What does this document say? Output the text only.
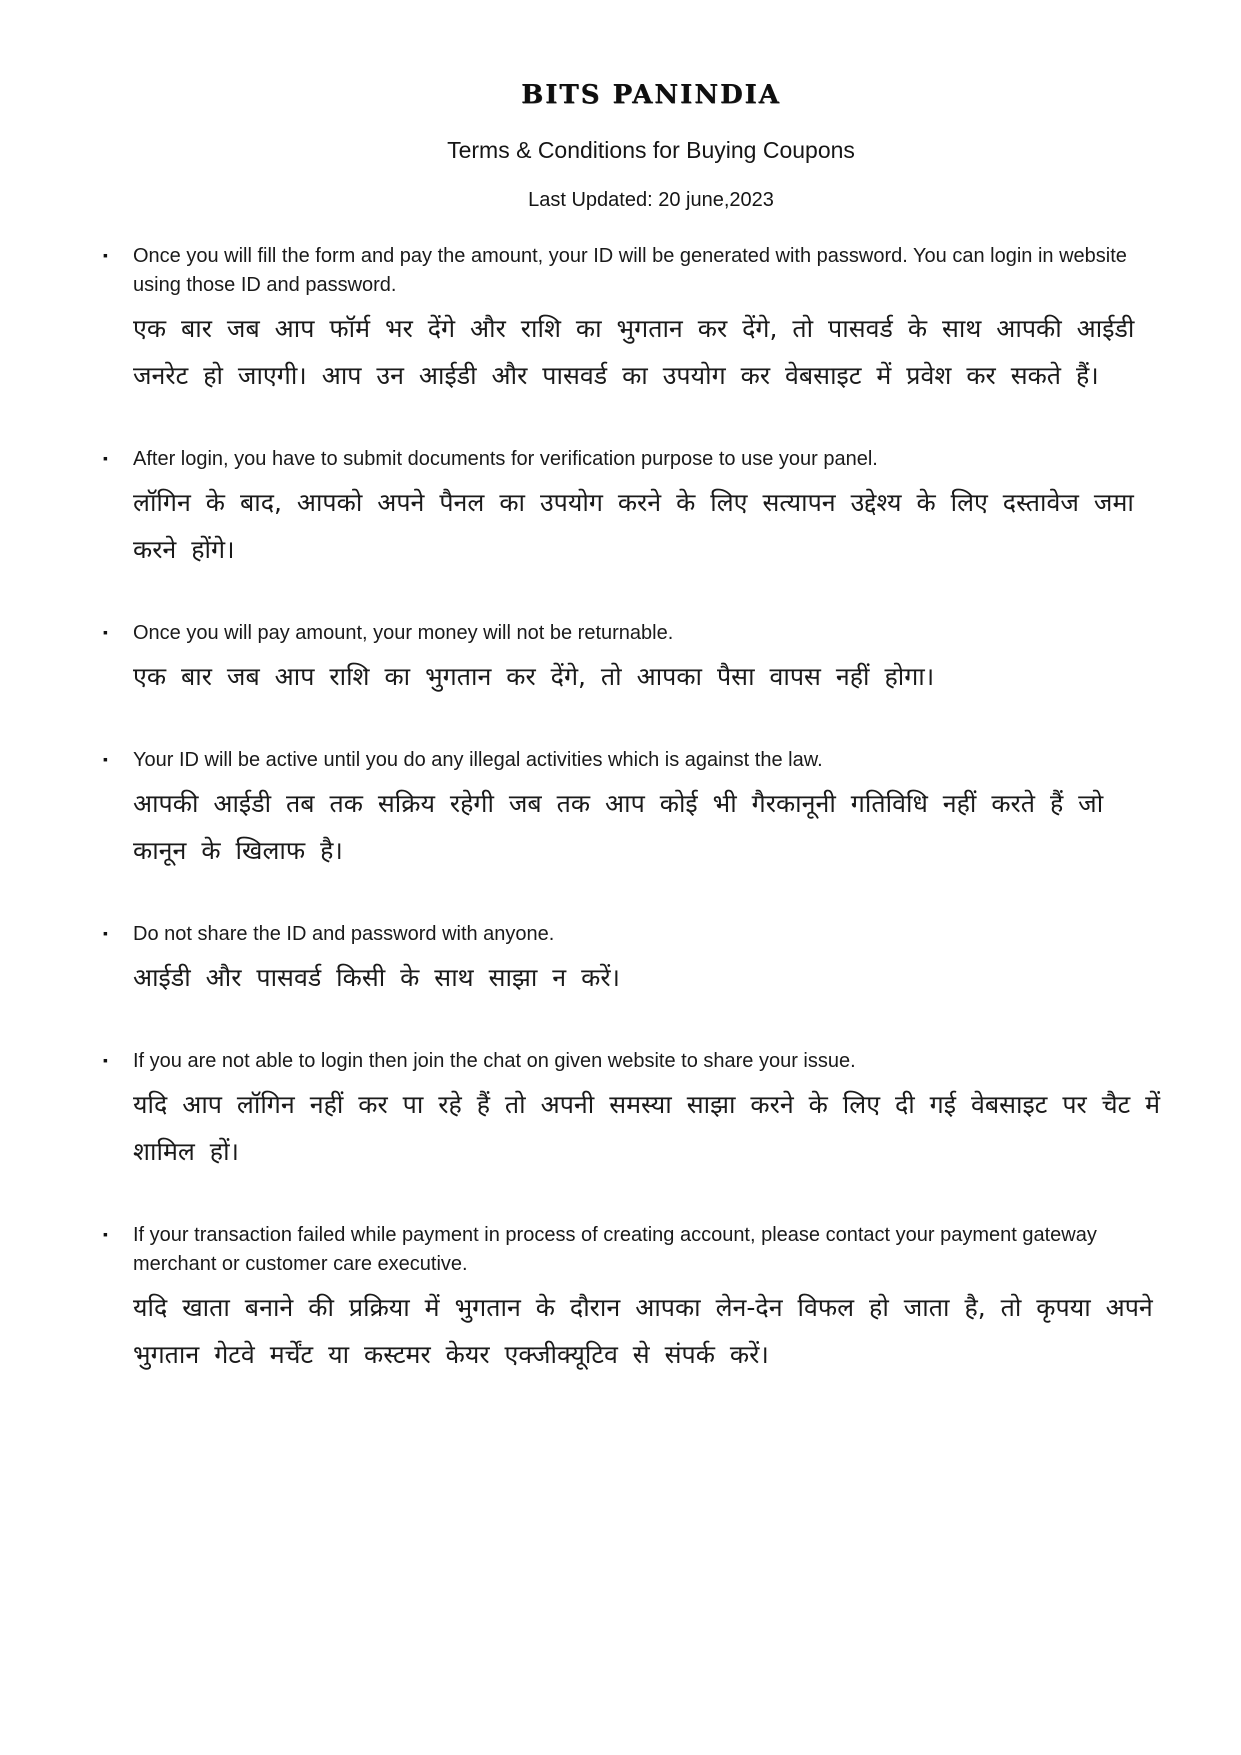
BITS PANINDIA
Terms & Conditions for Buying Coupons
Last Updated: 20 june,2023
▪ Once you will fill the form and pay the amount, your ID will be generated with password. You can login in website using those ID and password.

एक बार जब आप फॉर्म भर देंगे और राशि का भुगतान कर देंगे, तो पासवर्ड के साथ आपकी आईडी जनरेट हो जाएगी। आप उन आईडी और पासवर्ड का उपयोग कर वेबसाइट में प्रवेश कर सकते हैं।

▪ After login, you have to submit documents for verification purpose to use your panel.

लॉगिन के बाद, आपको अपने पैनल का उपयोग करने के लिए सत्यापन उद्देश्य के लिए दस्तावेज जमा करने होंगे।

▪ Once you will pay amount, your money will not be returnable.

एक बार जब आप राशि का भुगतान कर देंगे, तो आपका पैसा वापस नहीं होगा।

▪ Your ID will be active until you do any illegal activities which is against the law.

आपकी आईडी तब तक सक्रिय रहेगी जब तक आप कोई भी गैरकानूनी गतिविधि नहीं करते हैं जो कानून के खिलाफ है।

▪ Do not share the ID and password with anyone.

आईडी और पासवर्ड किसी के साथ साझा न करें।

▪ If you are not able to login then join the chat on given website to share your issue.

यदि आप लॉगिन नहीं कर पा रहे हैं तो अपनी समस्या साझा करने के लिए दी गई वेबसाइट पर चैट में शामिल हों।

▪ If your transaction failed while payment in process of creating account, please contact your payment gateway merchant or customer care executive.

यदि खाता बनाने की प्रक्रिया में भुगतान के दौरान आपका लेन-देन विफल हो जाता है, तो कृपया अपने भुगतान गेटवे मर्चेंट या कस्टमर केयर एक्जीक्यूटिव से संपर्क करें।
